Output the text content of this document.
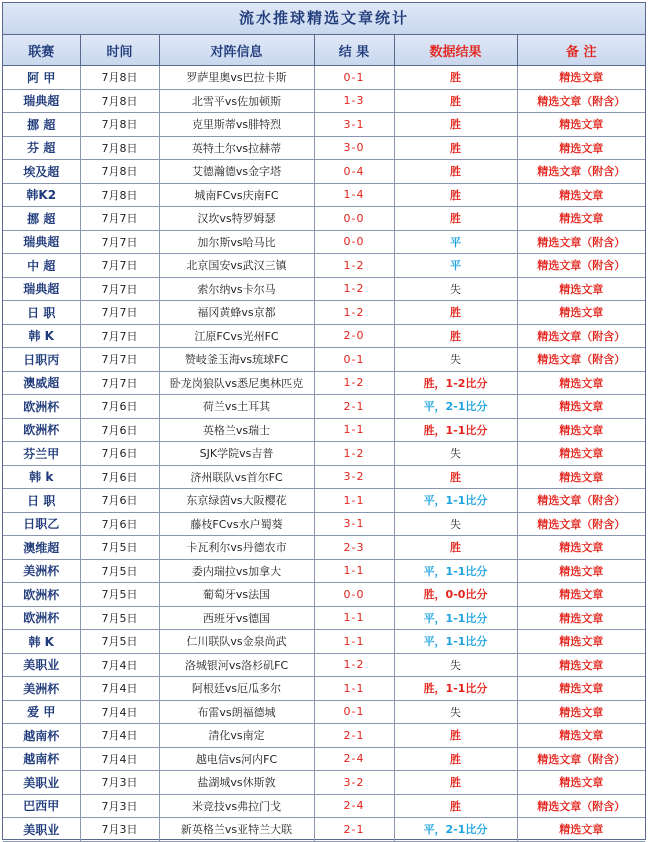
流水推球精选文章统计
联赛	时间	对阵信息	结 果	数据结果	备 注
阿 甲	7月8日	罗萨里奥vs巴拉卡斯	0-1	胜	精选文章
瑞典超	7月8日	北雪平vs佐加顿斯	1-3	胜	精选文章（附含）
挪 超	7月8日	克里斯蒂vs腓特烈	3-1	胜	精选文章
芬 超	7月8日	英特土尔vs拉赫蒂	3-0	胜	精选文章
埃及超	7月8日	艾德瀚德vs金字塔	0-4	胜	精选文章（附含）
韩K2	7月8日	城南FCvs庆南FC	1-4	胜	精选文章
挪 超	7月7日	汉坎vs特罗姆瑟	0-0	胜	精选文章
瑞典超	7月7日	加尔斯vs哈马比	0-0	平	精选文章（附含）
中 超	7月7日	北京国安vs武汉三镇	1-2	平	精选文章（附含）
瑞典超	7月7日	索尔纳vs卡尔马	1-2	失	精选文章
日 职	7月7日	福冈黄蜂vs京都	1-2	胜	精选文章
韩 K	7月7日	江原FCvs光州FC	2-0	胜	精选文章（附含）
日职丙	7月7日	赞岐釜玉海vs琉球FC	0-1	失	精选文章（附含）
澳威超	7月7日	卧龙岗狼队vs悉尼奥林匹克	1-2	胜，1-2比分	精选文章
欧洲杯	7月6日	荷兰vs土耳其	2-1	平，2-1比分	精选文章
欧洲杯	7月6日	英格兰vs瑞士	1-1	胜，1-1比分	精选文章
芬兰甲	7月6日	SJK学院vs吉普	1-2	失	精选文章
韩 k	7月6日	济州联队vs首尔FC	3-2	胜	精选文章
日 职	7月6日	东京绿茵vs大阪樱花	1-1	平，1-1比分	精选文章（附含）
日职乙	7月6日	藤枝FCvs水户蜀葵	3-1	失	精选文章（附含）
澳维超	7月5日	卡瓦利尔vs丹德农市	2-3	胜	精选文章
美洲杯	7月5日	委内瑞拉vs加拿大	1-1	平，1-1比分	精选文章
欧洲杯	7月5日	葡萄牙vs法国	0-0	胜，0-0比分	精选文章
欧洲杯	7月5日	西班牙vs德国	1-1	平，1-1比分	精选文章
韩 K	7月5日	仁川联队vs金泉尚武	1-1	平，1-1比分	精选文章
美职业	7月4日	洛城银河vs洛杉矶FC	1-2	失	精选文章
美洲杯	7月4日	阿根廷vs厄瓜多尔	1-1	胜，1-1比分	精选文章
爱 甲	7月4日	布雷vs朗福德城	0-1	失	精选文章
越南杯	7月4日	清化vs南定	2-1	胜	精选文章
越南杯	7月4日	越电信vs河内FC	2-4	胜	精选文章（附含）
美职业	7月3日	盐湖城vs休斯敦	3-2	胜	精选文章
巴西甲	7月3日	米竞技vs弗拉门戈	2-4	胜	精选文章（附含）
美职业	7月3日	新英格兰vs亚特兰大联	2-1	平，2-1比分	精选文章
